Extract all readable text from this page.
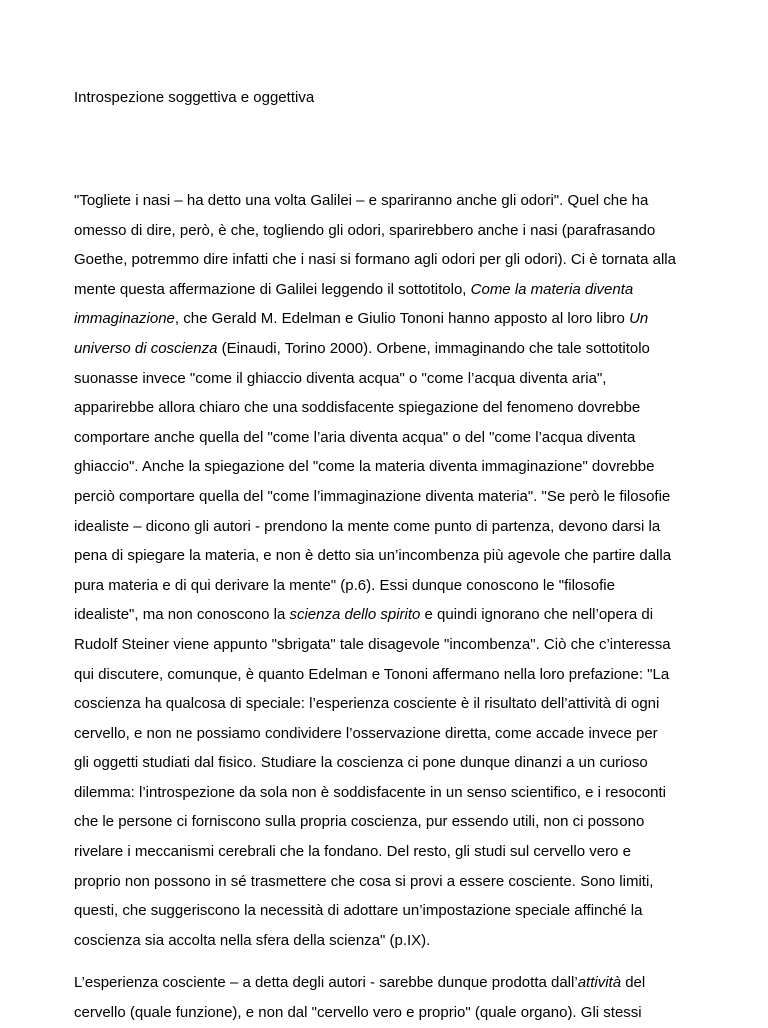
Introspezione soggettiva e oggettiva

"Togliete i nasi – ha detto una volta Galilei – e spariranno anche gli odori". Quel che ha
omesso di dire, però, è che, togliendo gli odori, sparirebbero anche i nasi (parafrasando
Goethe, potremmo dire infatti che i nasi si formano agli odori per gli odori). Ci è tornata alla
mente questa affermazione di Galilei leggendo il sottotitolo, Come la materia diventa
immaginazione, che Gerald M. Edelman e Giulio Tononi hanno apposto al loro libro Un
universo di coscienza (Einaudi, Torino 2000). Orbene, immaginando che tale sottotitolo
suonasse invece "come il ghiaccio diventa acqua" o "come l’acqua diventa aria",
apparirebbe allora chiaro che una soddisfacente spiegazione del fenomeno dovrebbe
comportare anche quella del "come l’aria diventa acqua" o del "come l’acqua diventa
ghiaccio". Anche la spiegazione del "come la materia diventa immaginazione" dovrebbe
perciò comportare quella del "come l’immaginazione diventa materia". "Se però le filosofie
idealiste – dicono gli autori - prendono la mente come punto di partenza, devono darsi la
pena di spiegare la materia, e non è detto sia un’incombenza più agevole che partire dalla
pura materia e di qui derivare la mente" (p.6). Essi dunque conoscono le "filosofie
idealiste", ma non conoscono la scienza dello spirito e quindi ignorano che nell’opera di
Rudolf Steiner viene appunto "sbrigata" tale disagevole "incombenza". Ciò che c’interessa
qui discutere, comunque, è quanto Edelman e Tononi affermano nella loro prefazione: "La
coscienza ha qualcosa di speciale: l’esperienza cosciente è il risultato dell’attività di ogni
cervello, e non ne possiamo condividere l’osservazione diretta, come accade invece per
gli oggetti studiati dal fisico. Studiare la coscienza ci pone dunque dinanzi a un curioso
dilemma: l’introspezione da sola non è soddisfacente in un senso scientifico, e i resoconti
che le persone ci forniscono sulla propria coscienza, pur essendo utili, non ci possono
rivelare i meccanismi cerebrali che la fondano. Del resto, gli studi sul cervello vero e
proprio non possono in sé trasmettere che cosa si provi a essere cosciente. Sono limiti,
questi, che suggeriscono la necessità di adottare un’impostazione speciale affinché la
coscienza sia accolta nella sfera della scienza" (p.IX).

L’esperienza cosciente – a detta degli autori - sarebbe dunque prodotta dall’attività del
cervello (quale funzione), e non dal "cervello vero e proprio" (quale organo). Gli stessi
